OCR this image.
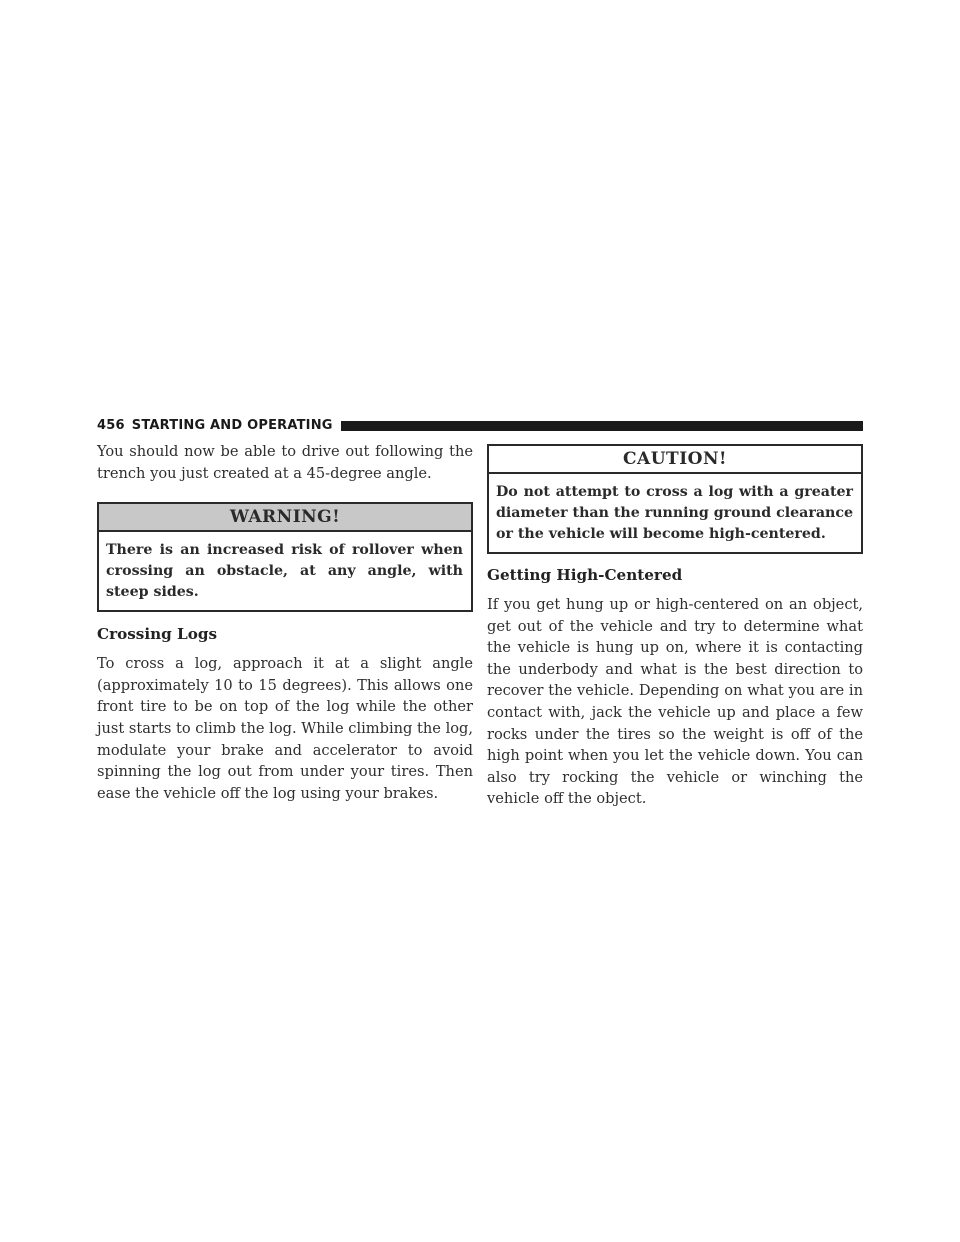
456 STARTING AND OPERATING

You should now be able to drive out following the trench you just created at a 45-degree angle.

WARNING!
There is an increased risk of rollover when crossing an obstacle, at any angle, with steep sides.
Crossing Logs

To cross a log, approach it at a slight angle (approximately 10 to 15 degrees). This allows one front tire to be on top of the log while the other just starts to climb the log. While climbing the log, modulate your brake and accelerator to avoid spinning the log out from under your tires. Then ease the vehicle off the log using your brakes.

CAUTION!
Do not attempt to cross a log with a greater diameter than the running ground clearance or the vehicle will become high-centered.
Getting High-Centered

If you get hung up or high-centered on an object, get out of the vehicle and try to determine what the vehicle is hung up on, where it is contacting the underbody and what is the best direction to recover the vehicle. Depending on what you are in contact with, jack the vehicle up and place a few rocks under the tires so the weight is off of the high point when you let the vehicle down. You can also try rocking the vehicle or winching the vehicle off the object.
